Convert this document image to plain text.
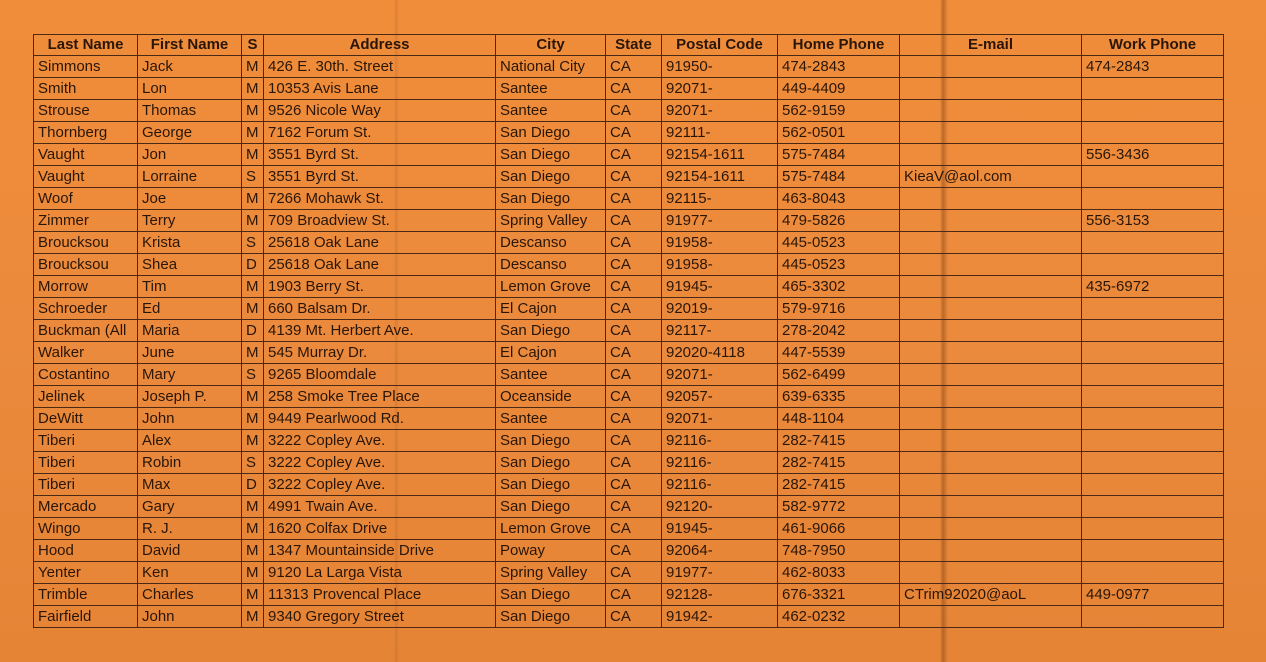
Last Name	First Name	S	Address	City	State	Postal Code	Home Phone	E-mail	Work Phone
Simmons	Jack	M	426 E. 30th. Street	National City	CA	91950-	474-2843		474-2843
Smith	Lon	M	10353 Avis Lane	Santee	CA	92071-	449-4409		
Strouse	Thomas	M	9526 Nicole Way	Santee	CA	92071-	562-9159		
Thornberg	George	M	7162 Forum St.	San Diego	CA	92111-	562-0501		
Vaught	Jon	M	3551 Byrd St.	San Diego	CA	92154-1611	575-7484		556-3436
Vaught	Lorraine	S	3551 Byrd St.	San Diego	CA	92154-1611	575-7484	KieaV@aol.com	
Woof	Joe	M	7266 Mohawk St.	San Diego	CA	92115-	463-8043		
Zimmer	Terry	M	709 Broadview St.	Spring Valley	CA	91977-	479-5826		556-3153
Broucksou	Krista	S	25618 Oak Lane	Descanso	CA	91958-	445-0523		
Broucksou	Shea	D	25618 Oak Lane	Descanso	CA	91958-	445-0523		
Morrow	Tim	M	1903 Berry St.	Lemon Grove	CA	91945-	465-3302		435-6972
Schroeder	Ed	M	660 Balsam Dr.	El Cajon	CA	92019-	579-9716		
Buckman (All	Maria	D	4139 Mt. Herbert Ave.	San Diego	CA	92117-	278-2042		
Walker	June	M	545 Murray Dr.	El Cajon	CA	92020-4118	447-5539		
Costantino	Mary	S	9265 Bloomdale	Santee	CA	92071-	562-6499		
Jelinek	Joseph P.	M	258 Smoke Tree Place	Oceanside	CA	92057-	639-6335		
DeWitt	John	M	9449 Pearlwood Rd.	Santee	CA	92071-	448-1104		
Tiberi	Alex	M	3222 Copley Ave.	San Diego	CA	92116-	282-7415		
Tiberi	Robin	S	3222 Copley Ave.	San Diego	CA	92116-	282-7415		
Tiberi	Max	D	3222 Copley Ave.	San Diego	CA	92116-	282-7415		
Mercado	Gary	M	4991 Twain Ave.	San Diego	CA	92120-	582-9772		
Wingo	R. J.	M	1620 Colfax Drive	Lemon Grove	CA	91945-	461-9066		
Hood	David	M	1347 Mountainside Drive	Poway	CA	92064-	748-7950		
Yenter	Ken	M	9120 La Larga Vista	Spring Valley	CA	91977-	462-8033		
Trimble	Charles	M	11313 Provencal Place	San Diego	CA	92128-	676-3321	CTrim92020@aoL	449-0977
Fairfield	John	M	9340 Gregory Street	San Diego	CA	91942-	462-0232		
